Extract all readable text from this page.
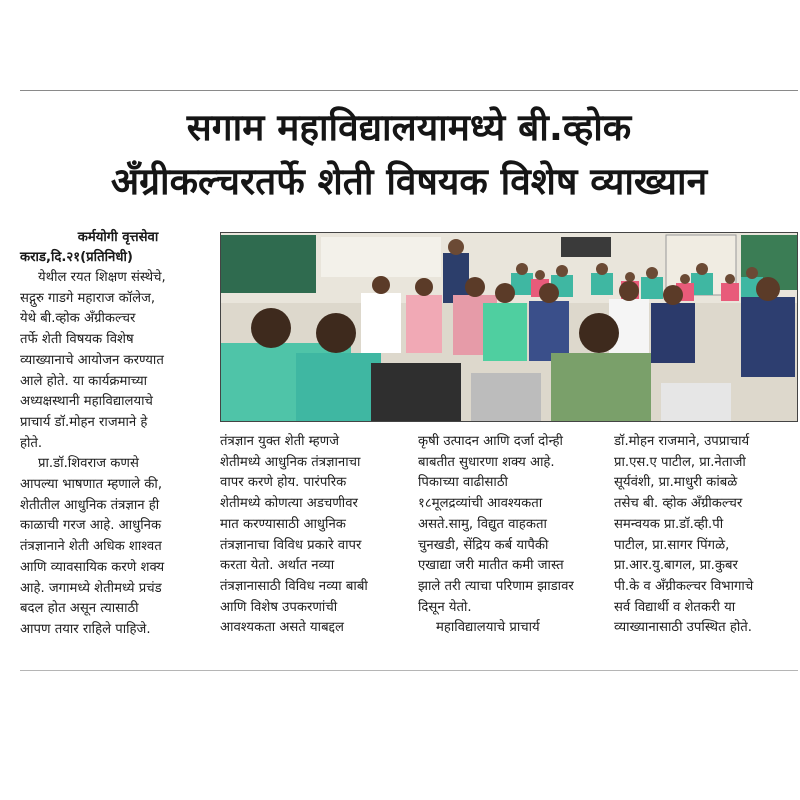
सगाम महाविद्यालयामध्ये बी.व्होक
अँग्रीकल्चरतर्फे शेती विषयक विशेष व्याख्यान
कर्मयोगी वृत्तसेवा
कराड,दि.२१(प्रतिनिधी)
येथील रयत शिक्षण संस्थेचे,
सद्गुरु गाडगे महाराज कॉलेज,
येथे बी.व्होक अँग्रीकल्चर
तर्फे शेती विषयक विशेष
व्याख्यानाचे आयोजन करण्यात
आले होते. या कार्यक्रमाच्या
अध्यक्षस्थानी महाविद्यालयाचे
प्राचार्य डॉ.मोहन राजमाने हे
होते.
प्रा.डॉ.शिवराज कणसे
आपल्या भाषणात म्हणाले की,
शेतीतील आधुनिक तंत्रज्ञान ही
काळाची गरज आहे. आधुनिक
तंत्रज्ञानाने शेती अधिक शाश्वत
आणि व्यावसायिक करणे शक्य
आहे. जगामध्ये शेतीमध्ये प्रचंड
बदल होत असून त्यासाठी
आपण तयार राहिले पाहिजे.
तंत्रज्ञान युक्त शेती म्हणजे
शेतीमध्ये आधुनिक तंत्रज्ञानाचा
वापर करणे होय. पारंपरिक
शेतीमध्ये कोणत्या अडचणीवर
मात करण्यासाठी आधुनिक
तंत्रज्ञानाचा विविध प्रकारे वापर
करता येतो. अर्थात नव्या
तंत्रज्ञानासाठी विविध नव्या बाबी
आणि विशेष उपकरणांची
आवश्यकता असते याबद्दल
कृषी उत्पादन आणि दर्जा दोन्ही
बाबतीत सुधारणा शक्य आहे.
पिकाच्या वाढीसाठी
१८मूलद्रव्यांची आवश्यकता
असते.सामु, विद्युत वाहकता
चुनखडी, सेंद्रिय कर्ब यापैकी
एखाद्या जरी मातीत कमी जास्त
झाले तरी त्याचा परिणाम झाडावर
दिसून येतो.
महाविद्यालयाचे प्राचार्य
डॉ.मोहन राजमाने, उपप्राचार्य
प्रा.एस.ए पाटील, प्रा.नेताजी
सूर्यवंशी, प्रा.माधुरी कांबळे
तसेच बी. व्होक अँग्रीकल्चर
समन्वयक प्रा.डॉ.व्ही.पी
पाटील, प्रा.सागर पिंगळे,
प्रा.आर.यु.बागल, प्रा.कुबर
पी.के व अँग्रीकल्चर विभागाचे
सर्व विद्यार्थी व शेतकरी या
व्याख्यानासाठी उपस्थित होते.
